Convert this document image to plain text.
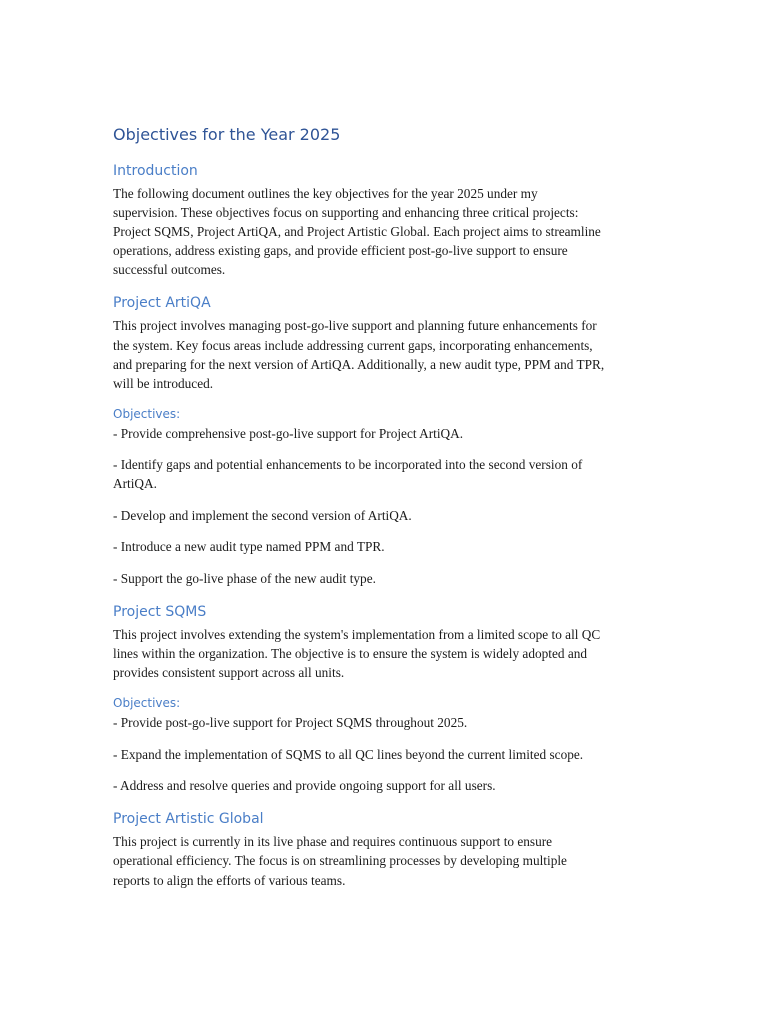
Objectives for the Year 2025
Introduction
The following document outlines the key objectives for the year 2025 under my
supervision. These objectives focus on supporting and enhancing three critical projects:
Project SQMS, Project ArtiQA, and Project Artistic Global. Each project aims to streamline
operations, address existing gaps, and provide efficient post-go-live support to ensure
successful outcomes.
Project ArtiQA
This project involves managing post-go-live support and planning future enhancements for
the system. Key focus areas include addressing current gaps, incorporating enhancements,
and preparing for the next version of ArtiQA. Additionally, a new audit type, PPM and TPR,
will be introduced.
Objectives:
- Provide comprehensive post-go-live support for Project ArtiQA.
- Identify gaps and potential enhancements to be incorporated into the second version of
ArtiQA.
- Develop and implement the second version of ArtiQA.
- Introduce a new audit type named PPM and TPR.
- Support the go-live phase of the new audit type.
Project SQMS
This project involves extending the system's implementation from a limited scope to all QC
lines within the organization. The objective is to ensure the system is widely adopted and
provides consistent support across all units.
Objectives:
- Provide post-go-live support for Project SQMS throughout 2025.
- Expand the implementation of SQMS to all QC lines beyond the current limited scope.
- Address and resolve queries and provide ongoing support for all users.
Project Artistic Global
This project is currently in its live phase and requires continuous support to ensure
operational efficiency. The focus is on streamlining processes by developing multiple
reports to align the efforts of various teams.
